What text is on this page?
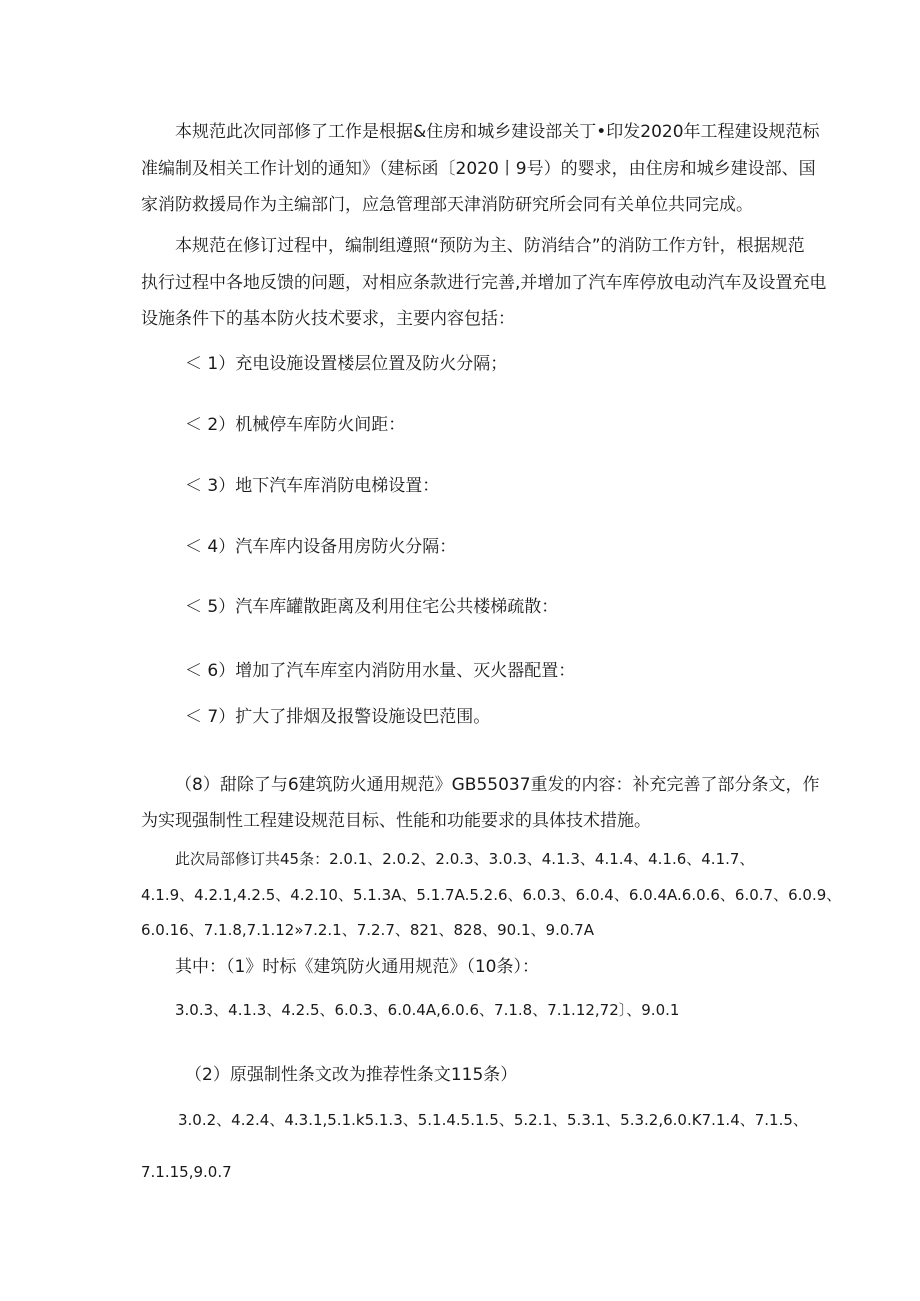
本规范此次同部修了工作是根据&住房和城乡建设部关丁•印发2020年工程建设规范标
准编制及相关工作计划的通知》（建标函〔2020丨9号）的婴求，由住房和城乡建设部、国
家消防救援局作为主编部门，应急管理部天津消防研究所会同有关单位共同完成。
本规范在修订过程中，编制组遵照“预防为主、防消结合”的消防工作方针，根据规范
执行过程中各地反馈的问题，对相应条款进行完善,并增加了汽车库停放电动汽车及设置充电
设施条件下的基本防火技术要求，主要内容包括：
＜ 1）充电设施设置楼层位置及防火分隔；
＜ 2）机械停车库防火间距：
＜ 3）地下汽车库消防电梯设置：
＜ 4）汽车库内设备用房防火分隔：
＜ 5）汽车库罐散距离及利用住宅公共楼梯疏散：
＜ 6）增加了汽车库室内消防用水量、灭火器配置：
＜ 7）扩大了排烟及报警设施设巴范围。
（8）甜除了与6建筑防火通用规范》GB55037重发的内容：补充完善了部分条文，作
为实现强制性工程建设规范目标、性能和功能要求的具体技术措施。
此次局部修订共45条：2.0.1、2.0.2、2.0.3、3.0.3、4.1.3、4.1.4、4.1.6、4.1.7、
4.1.9、4.2.1,4.2.5、4.2.10、5.1.3A、5.1.7A.5.2.6、6.0.3、6.0.4、6.0.4A.6.0.6、6.0.7、6.0.9、
6.0.16、7.1.8,7.1.12»7.2.1、7.2.7、821、828、90.1、9.0.7A
其中：（1》时标《建筑防火通用规范》（10条）：
3.0.3、4.1.3、4.2.5、6.0.3、6.0.4A,6.0.6、7.1.8、7.1.12,72〕、9.0.1
（2）原强制性条文改为推荐性条文115条）
3.0.2、4.2.4、4.3.1,5.1.k5.1.3、5.1.4.5.1.5、5.2.1、5.3.1、5.3.2,6.0.K7.1.4、7.1.5、
7.1.15,9.0.7
